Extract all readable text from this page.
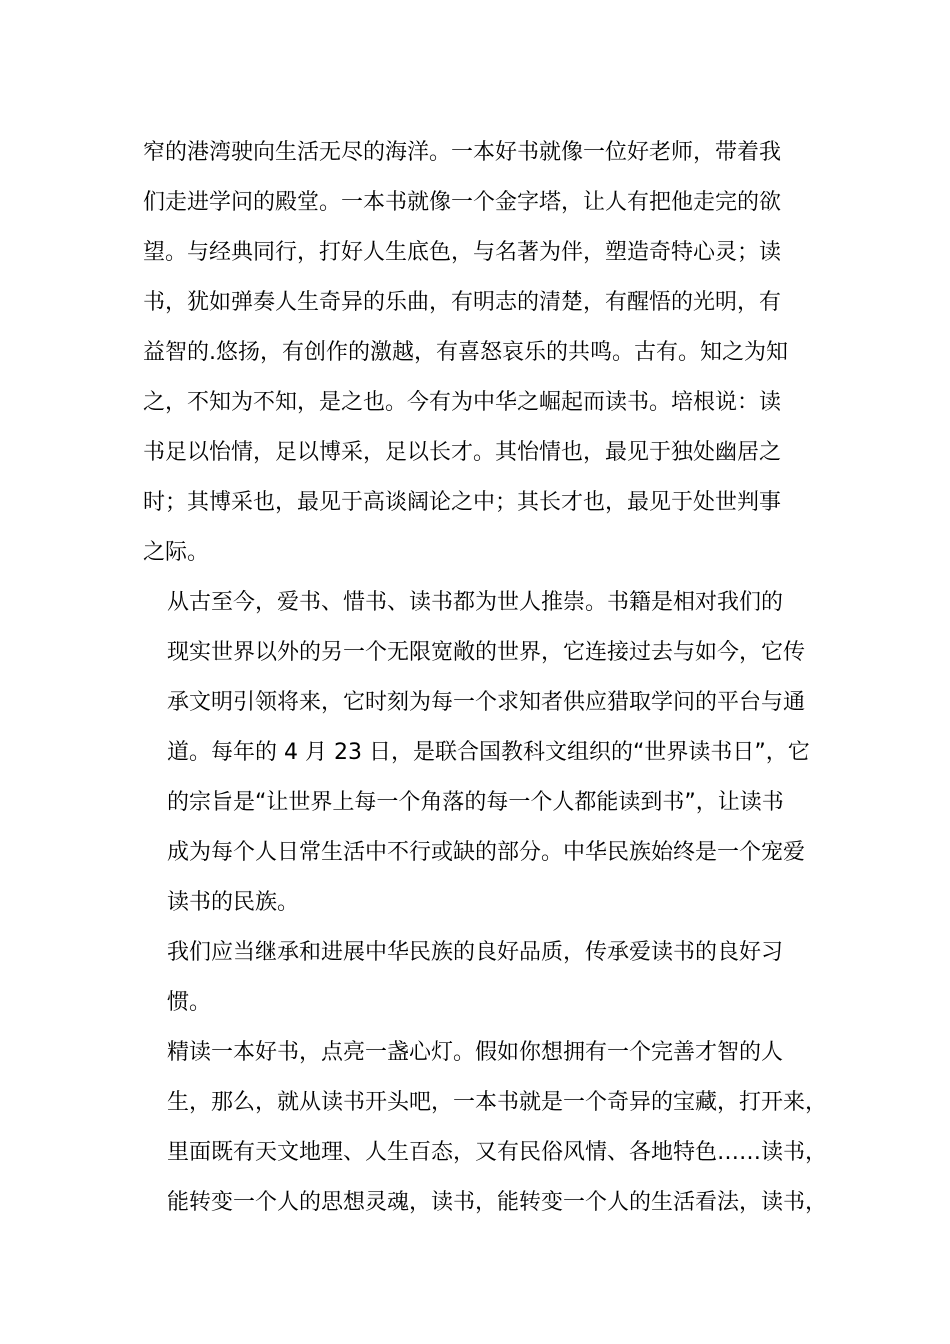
窄的港湾驶向生活无尽的海洋。一本好书就像一位好老师，带着我
们走进学问的殿堂。一本书就像一个金字塔，让人有把他走完的欲
望。与经典同行，打好人生底色，与名著为伴，塑造奇特心灵；读
书，犹如弹奏人生奇异的乐曲，有明志的清楚，有醒悟的光明，有
益智的.悠扬，有创作的激越，有喜怒哀乐的共鸣。古有。知之为知
之，不知为不知，是之也。今有为中华之崛起而读书。培根说：读
书足以怡情，足以博采，足以长才。其怡情也，最见于独处幽居之
时；其博采也，最见于高谈阔论之中；其长才也，最见于处世判事
之际。
从古至今，爱书、惜书、读书都为世人推崇。书籍是相对我们的
现实世界以外的另一个无限宽敞的世界，它连接过去与如今，它传
承文明引领将来，它时刻为每一个求知者供应猎取学问的平台与通
道。每年的 4 月 23 日，是联合国教科文组织的“世界读书日”，它
的宗旨是“让世界上每一个角落的每一个人都能读到书”，让读书
成为每个人日常生活中不行或缺的部分。中华民族始终是一个宠爱
读书的民族。
我们应当继承和进展中华民族的良好品质，传承爱读书的良好习
惯。
精读一本好书，点亮一盏心灯。假如你想拥有一个完善才智的人
生，那么，就从读书开头吧，一本书就是一个奇异的宝藏，打开来，
里面既有天文地理、人生百态，又有民俗风情、各地特色……读书，
能转变一个人的思想灵魂，读书，能转变一个人的生活看法，读书，
